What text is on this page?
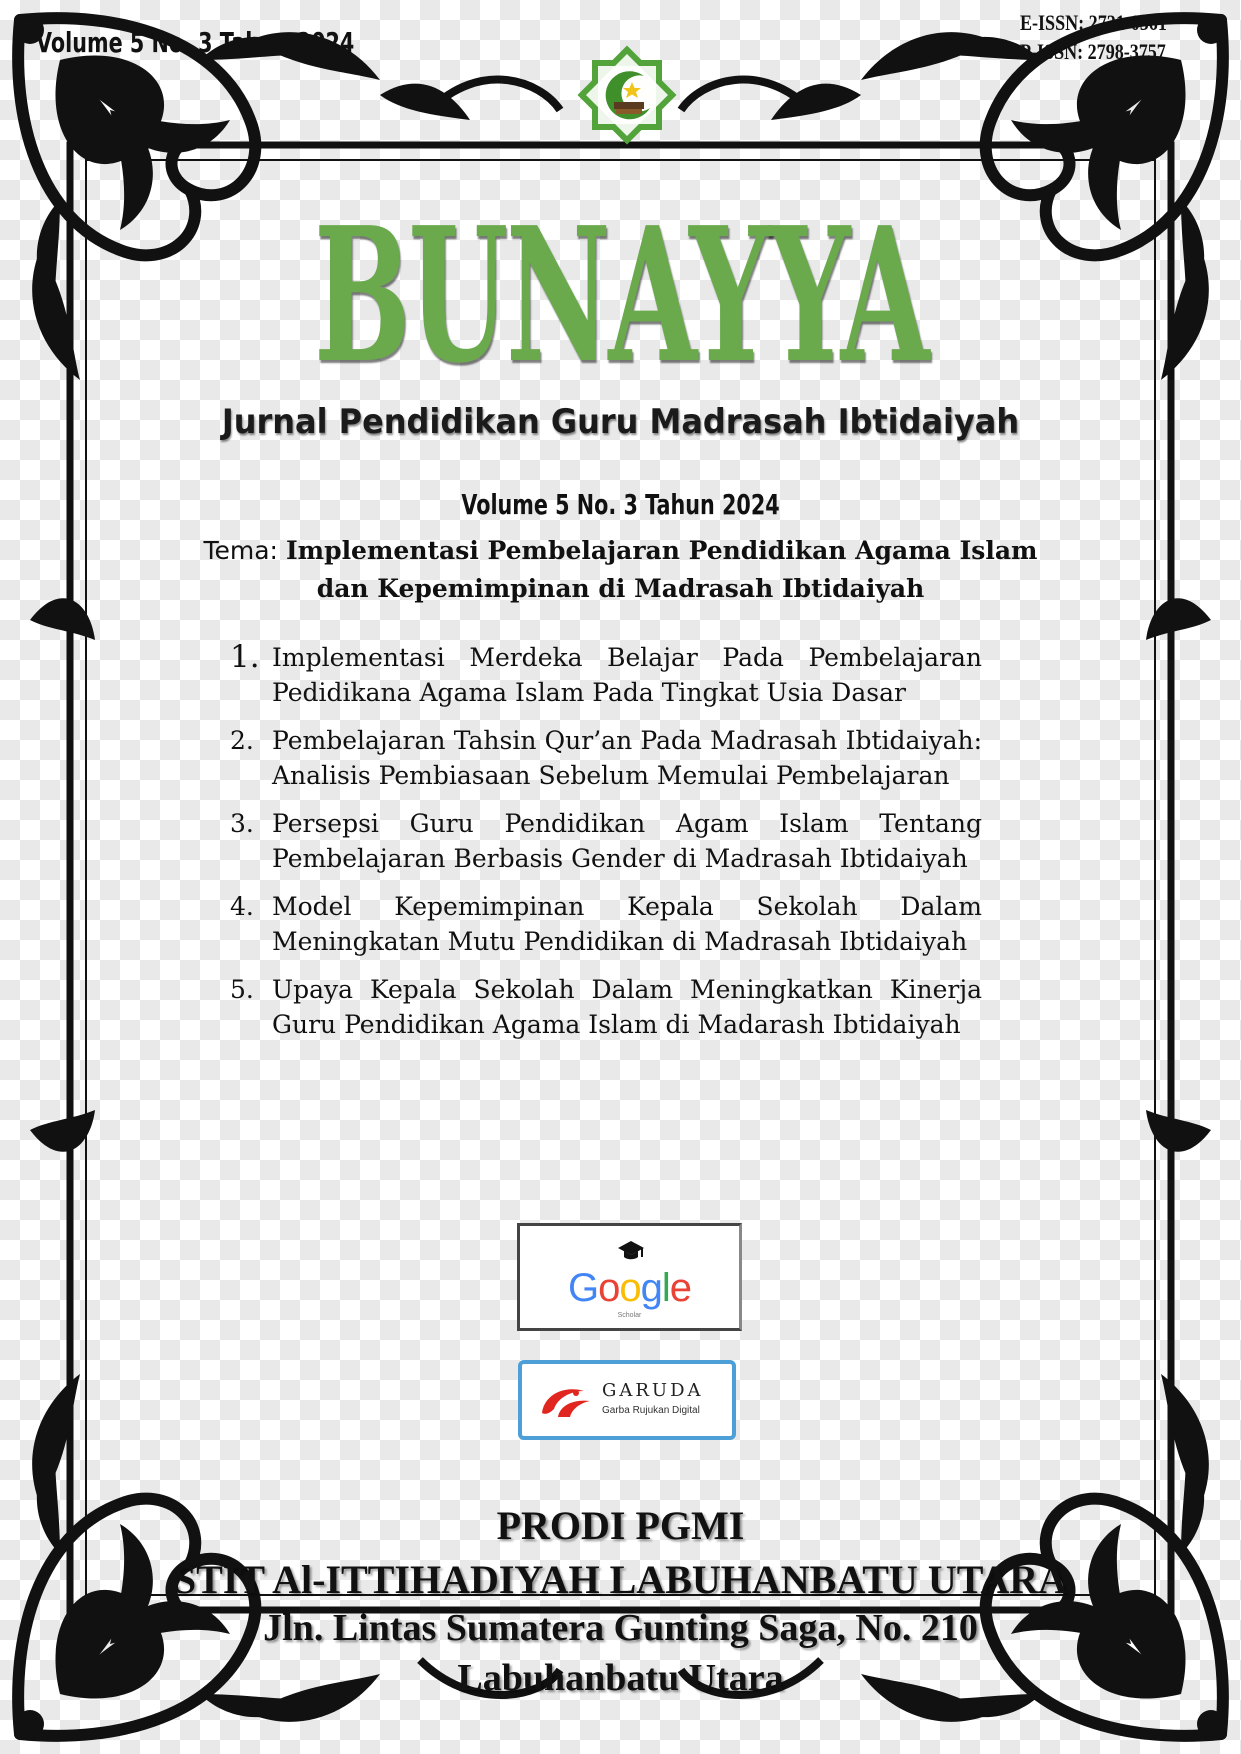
Volume 5 No. 3 Tahun 2024
E-ISSN: 2721-0561
P-ISSN: 2798-3757
BUNAYYA
Jurnal Pendidikan Guru Madrasah Ibtidaiyah
Volume 5 No. 3 Tahun 2024
Tema: Implementasi Pembelajaran Pendidikan Agama Islam
dan Kepemimpinan di Madrasah Ibtidaiyah
1. Implementasi Merdeka Belajar Pada Pembelajaran Pedidikana Agama Islam Pada Tingkat Usia Dasar
2. Pembelajaran Tahsin Qur’an Pada Madrasah Ibtidaiyah: Analisis Pembiasaan Sebelum Memulai Pembelajaran
3. Persepsi Guru Pendidikan Agam Islam Tentang Pembelajaran Berbasis Gender di Madrasah Ibtidaiyah
4. Model Kepemimpinan Kepala Sekolah Dalam Meningkatan Mutu Pendidikan di Madrasah Ibtidaiyah
5. Upaya Kepala Sekolah Dalam Meningkatkan Kinerja Guru Pendidikan Agama Islam di Madarash Ibtidaiyah
Google
Scholar
GARUDA
Garba Rujukan Digital
PRODI PGMI
STIT Al-ITTIHADIYAH LABUHANBATU UTARA
Jln. Lintas Sumatera Gunting Saga, No. 210
Labuhanbatu Utara
